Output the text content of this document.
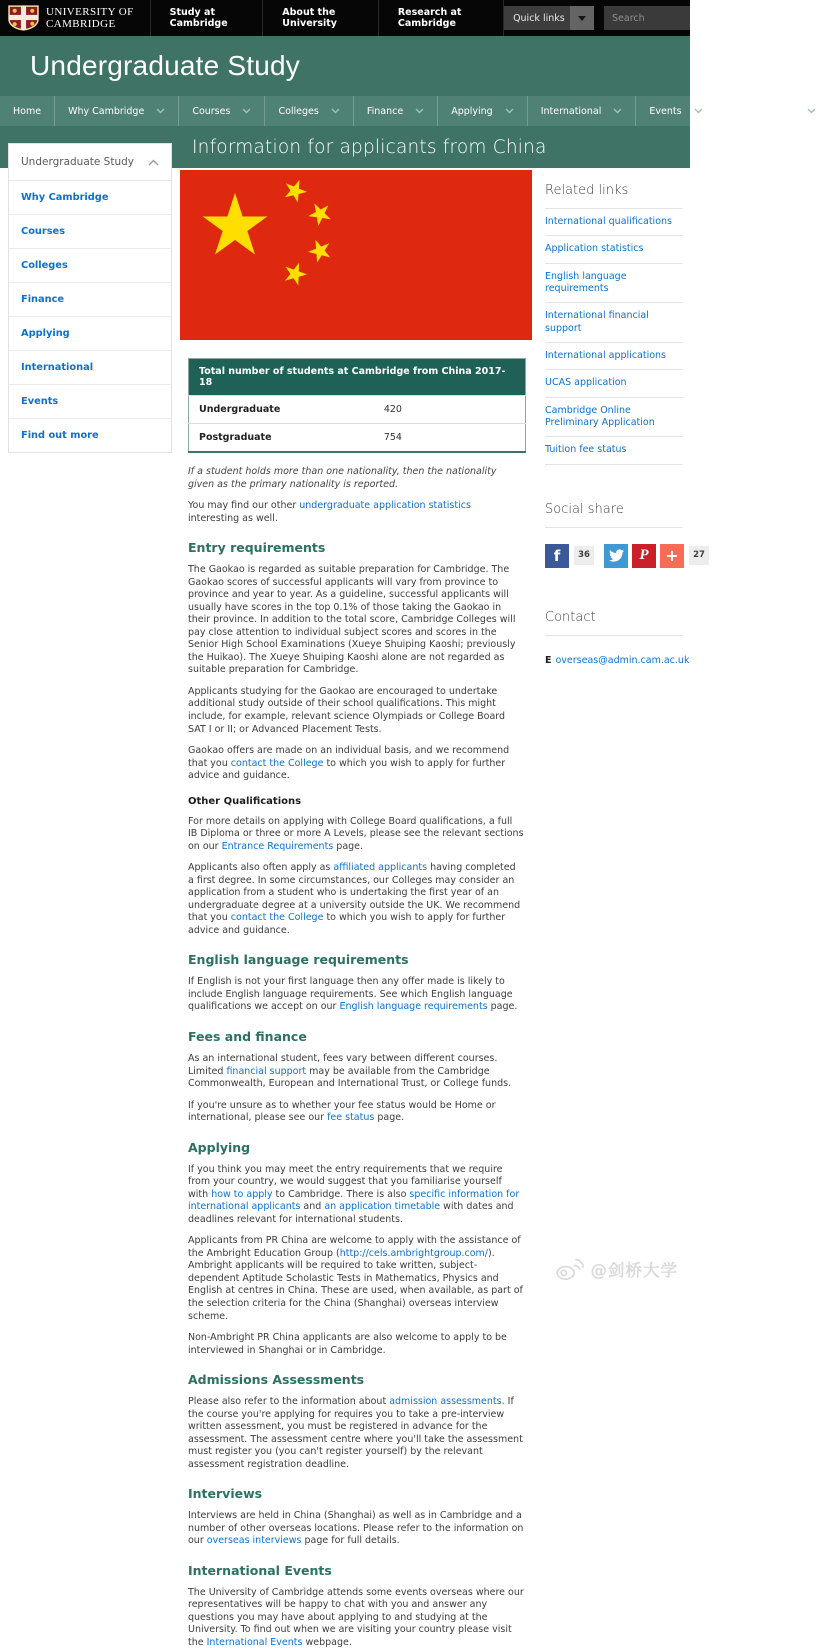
UNIVERSITY OF
CAMBRIDGE
Study at Cambridge
About the University
Research at Cambridge	Quick links
Search
Undergraduate Study
Home	Why Cambridge	Courses	Colleges	Finance	Applying	International	Events	Find out more
Information for applicants from China
Undergraduate Study
Why Cambridge
Courses
Colleges
Finance
Applying
International
Events
Find out more
Total number of students at Cambridge from China 2017-18	
Undergraduate	420
Postgraduate	754

If a student holds more than one nationality, then the nationality given as the primary nationality is reported.

You may find our other undergraduate application statistics interesting as well.

Entry requirements

The Gaokao is regarded as suitable preparation for Cambridge. The Gaokao scores of successful applicants will vary from province to province and year to year. As a guideline, successful applicants will usually have scores in the top 0.1% of those taking the Gaokao in their province. In addition to the total score, Cambridge Colleges will pay close attention to individual subject scores and scores in the Senior High School Examinations (Xueye Shuiping Kaoshi; previously the Huikao). The Xueye Shuiping Kaoshi alone are not regarded as suitable preparation for Cambridge.

Applicants studying for the Gaokao are encouraged to undertake additional study outside of their school qualifications. This might include, for example, relevant science Olympiads or College Board SAT I or II; or Advanced Placement Tests.

Gaokao offers are made on an individual basis, and we recommend that you contact the College to which you wish to apply for further advice and guidance.

Other Qualifications

For more details on applying with College Board qualifications, a full IB Diploma or three or more A Levels, please see the relevant sections on our Entrance Requirements page.

Applicants also often apply as affiliated applicants having completed a first degree. In some circumstances, our Colleges may consider an application from a student who is undertaking the first year of an undergraduate degree at a university outside the UK. We recommend that you contact the College to which you wish to apply for further advice and guidance.

English language requirements

If English is not your first language then any offer made is likely to include English language requirements. See which English language qualifications we accept on our English language requirements page.

Fees and finance

As an international student, fees vary between different courses. Limited financial support may be available from the Cambridge Commonwealth, European and International Trust, or College funds.

If you're unsure as to whether your fee status would be Home or international, please see our fee status page.

Applying

If you think you may meet the entry requirements that we require from your country, we would suggest that you familiarise yourself with how to apply to Cambridge. There is also specific information for international applicants and an application timetable with dates and deadlines relevant for international students.

Applicants from PR China are welcome to apply with the assistance of the Ambright Education Group (http://cels.ambrightgroup.com/). Ambright applicants will be required to take written, subject-dependent Aptitude Scholastic Tests in Mathematics, Physics and English at centres in China. These are used, when available, as part of the selection criteria for the China (Shanghai) overseas interview scheme.

Non-Ambright PR China applicants are also welcome to apply to be interviewed in Shanghai or in Cambridge.

Admissions Assessments

Please also refer to the information about admission assessments. If the course you're applying for requires you to take a pre-interview written assessment, you must be registered in advance for the assessment. The assessment centre where you'll take the assessment must register you (you can't register yourself) by the relevant assessment registration deadline.

Interviews

Interviews are held in China (Shanghai) as well as in Cambridge and a number of other overseas locations. Please refer to the information on our overseas interviews page for full details.

International Events

The University of Cambridge attends some events overseas where our representatives will be happy to chat with you and answer any questions you may have about applying to and studying at the University. To find out when we are visiting your country please visit the International Events webpage.

Related links
International qualifications
Application statistics
English language requirements
International financial support
International applications
UCAS application
Cambridge Online Preliminary Application
Tuition fee status
Social share
f	36	P	+	27
Contact
E overseas@admin.cam.ac.uk
@剑桥大学
